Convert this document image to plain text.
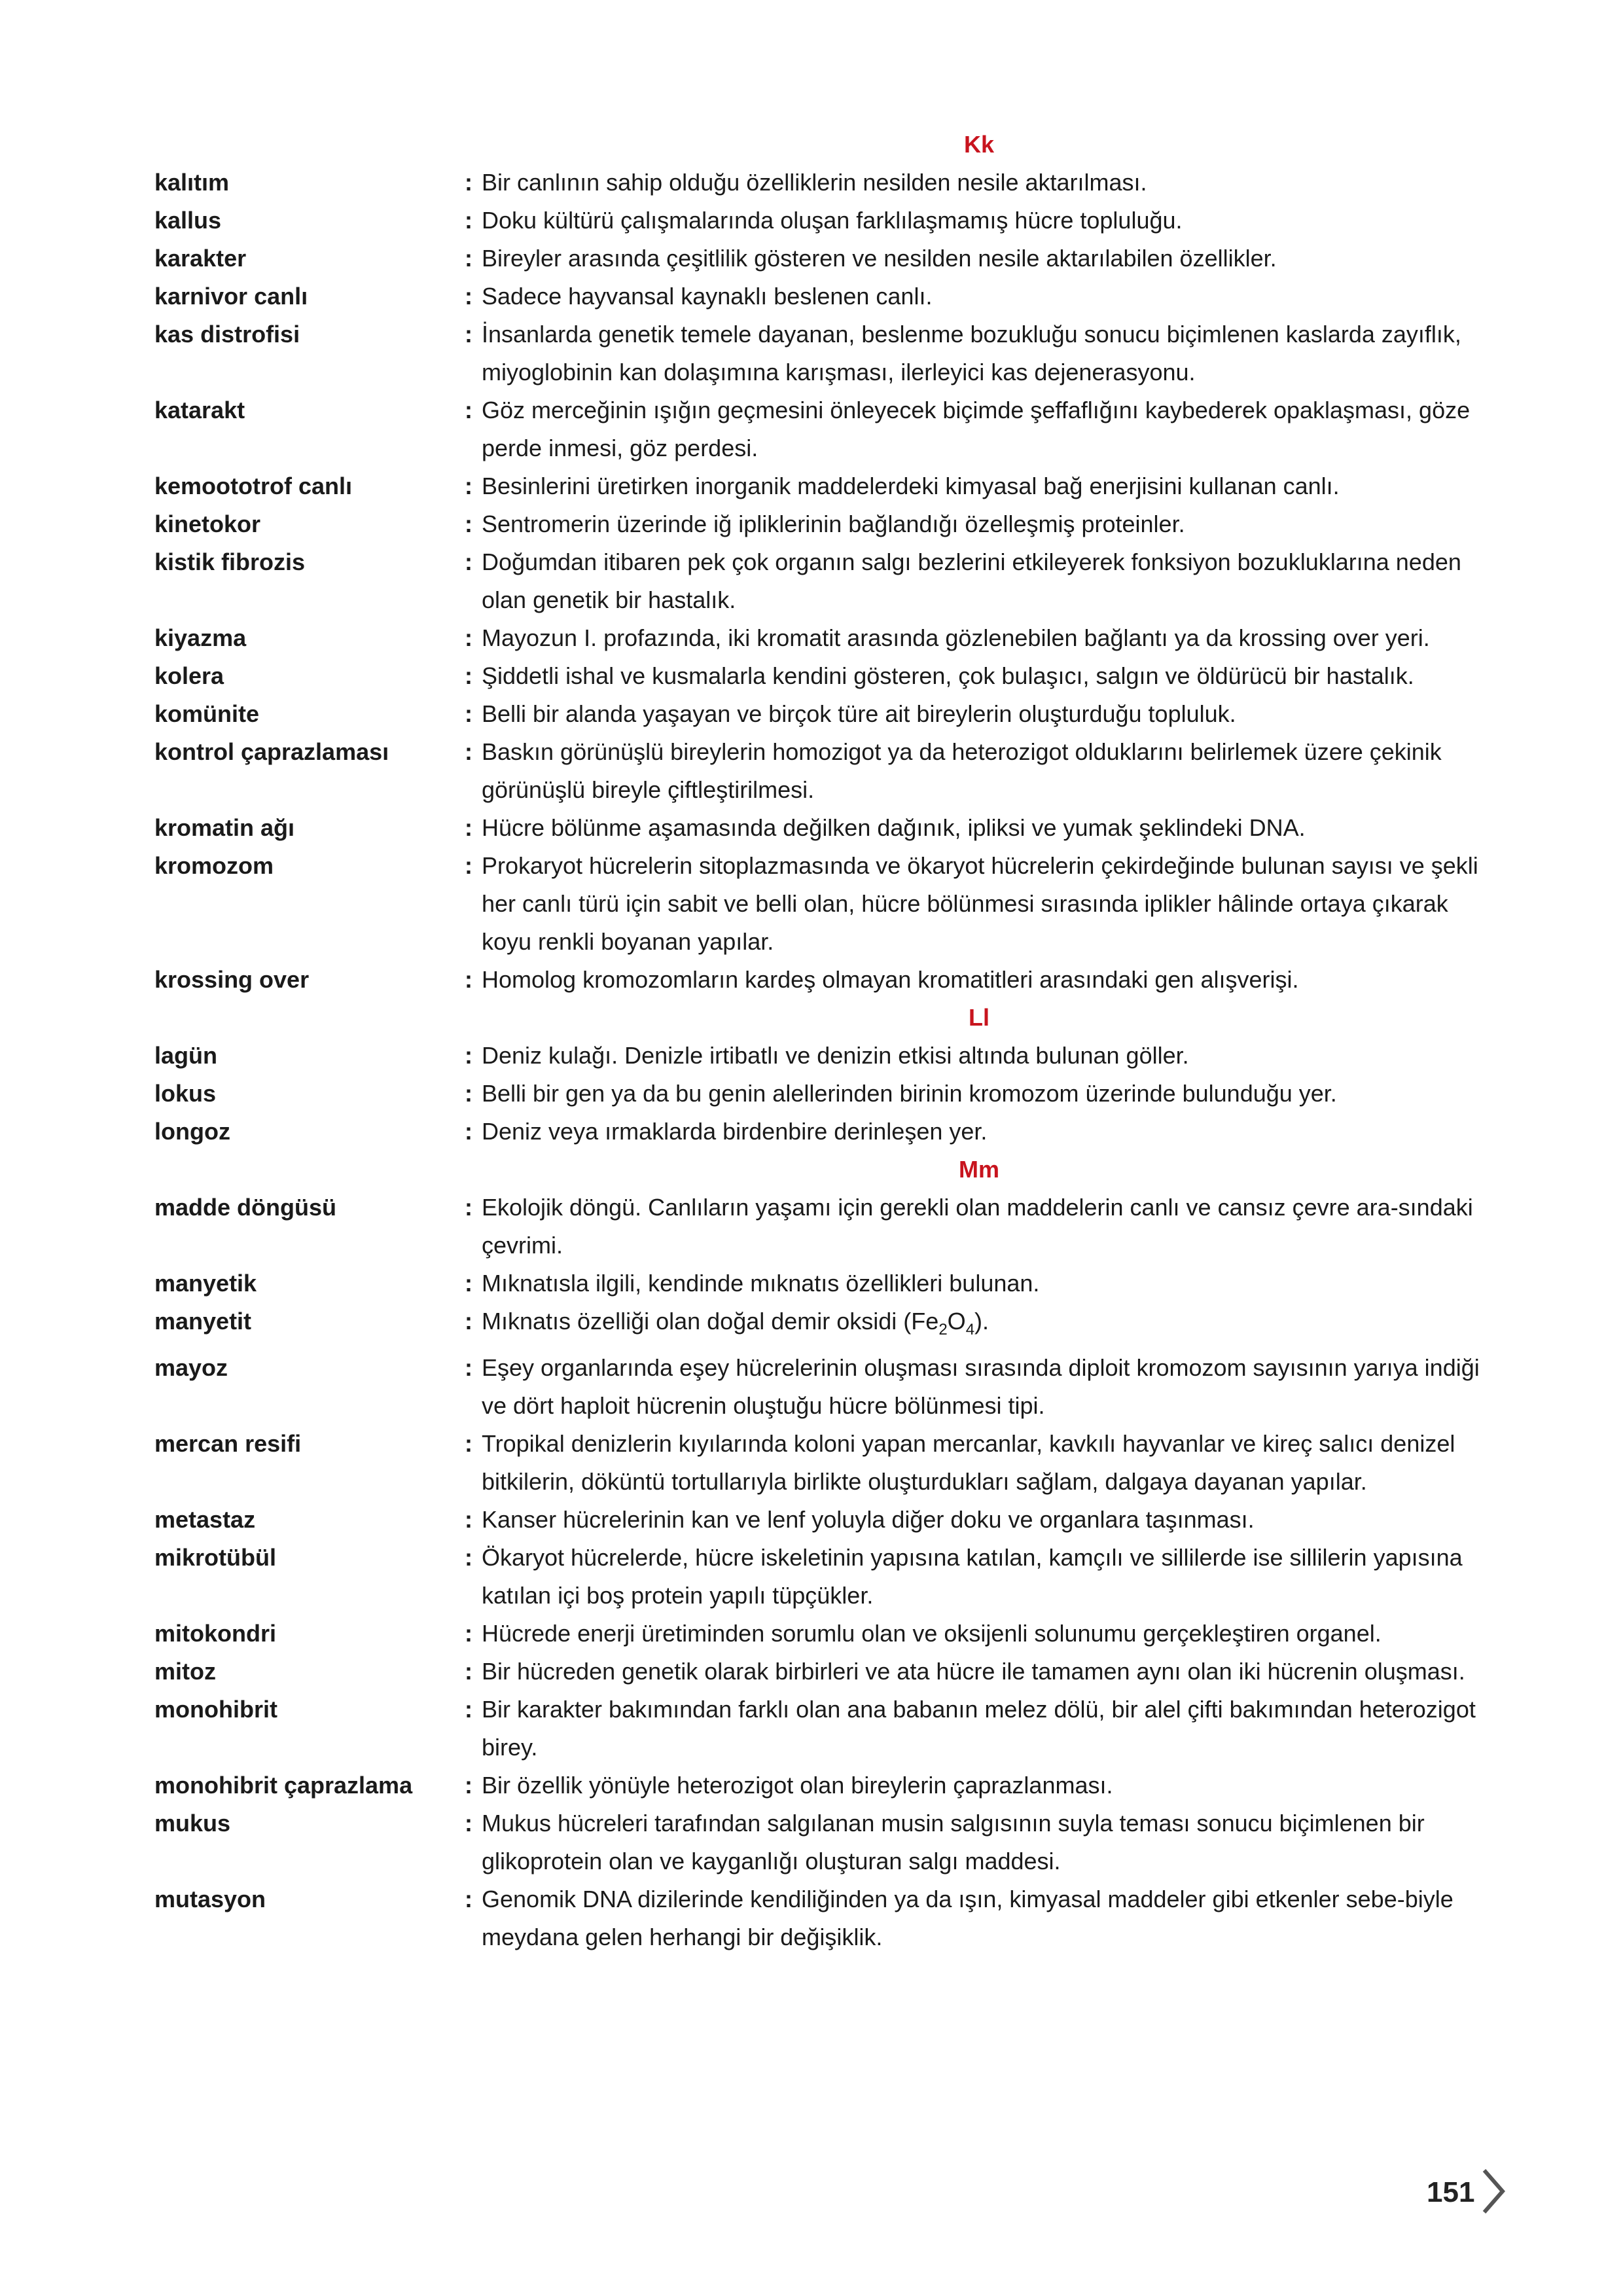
Kk
kalıtım	: Bir canlının sahip olduğu özelliklerin nesilden nesile aktarılması.
kallus	: Doku kültürü çalışmalarında oluşan farklılaşmamış hücre topluluğu.
karakter	: Bireyler arasında çeşitlilik gösteren ve nesilden nesile aktarılabilen özellikler.
karnivor canlı	: Sadece hayvansal kaynaklı beslenen canlı.
kas distrofisi	: İnsanlarda genetik temele dayanan, beslenme bozukluğu sonucu biçimlenen kaslarda zayıflık, miyoglobinin kan dolaşımına karışması, ilerleyici kas dejenerasyonu.
katarakt	: Göz merceğinin ışığın geçmesini önleyecek biçimde şeffaflığını kaybederek opaklaşması, göze perde inmesi, göz perdesi.
kemoototrof canlı	: Besinlerini üretirken inorganik maddelerdeki kimyasal bağ enerjisini kullanan canlı.
kinetokor	: Sentromerin üzerinde iğ ipliklerinin bağlandığı özelleşmiş proteinler.
kistik fibrozis	: Doğumdan itibaren pek çok organın salgı bezlerini etkileyerek fonksiyon bozukluklarına neden olan genetik bir hastalık.
kiyazma	: Mayozun I. profazında, iki kromatit arasında gözlenebilen bağlantı ya da krossing over yeri.
kolera	: Şiddetli ishal ve kusmalarla kendini gösteren, çok bulaşıcı, salgın ve öldürücü bir hastalık.
komünite	: Belli bir alanda yaşayan ve birçok türe ait bireylerin oluşturduğu topluluk.
kontrol çaprazlaması	: Baskın görünüşlü bireylerin homozigot ya da heterozigot olduklarını belirlemek üzere çekinik görünüşlü bireyle çiftleştirilmesi.
kromatin ağı	: Hücre bölünme aşamasında değilken dağınık, ipliksi ve yumak şeklindeki DNA.
kromozom	: Prokaryot hücrelerin sitoplazmasında ve ökaryot hücrelerin çekirdeğinde bulunan sayısı ve şekli her canlı türü için sabit ve belli olan, hücre bölünmesi sırasında iplikler hâlinde ortaya çıkarak koyu renkli boyanan yapılar.
krossing over	: Homolog kromozomların kardeş olmayan kromatitleri arasındaki gen alışverişi.
Ll
lagün	: Deniz kulağı. Denizle irtibatlı ve denizin etkisi altında bulunan göller.
lokus	: Belli bir gen ya da bu genin alellerinden birinin kromozom üzerinde bulunduğu yer.
longoz	: Deniz veya ırmaklarda birdenbire derinleşen yer.
Mm
madde döngüsü	: Ekolojik döngü. Canlıların yaşamı için gerekli olan maddelerin canlı ve cansız çevre ara-sındaki çevrimi.
manyetik	: Mıknatısla ilgili, kendinde mıknatıs özellikleri bulunan.
manyetit	: Mıknatıs özelliği olan doğal demir oksidi $(Fe_2O_4)$.
mayoz	: Eşey organlarında eşey hücrelerinin oluşması sırasında diploit kromozom sayısının yarıya indiği ve dört haploit hücrenin oluştuğu hücre bölünmesi tipi.
mercan resifi	: Tropikal denizlerin kıyılarında koloni yapan mercanlar, kavkılı hayvanlar ve kireç salıcı denizel bitkilerin, döküntü tortullarıyla birlikte oluşturdukları sağlam, dalgaya dayanan yapılar.
metastaz	: Kanser hücrelerinin kan ve lenf yoluyla diğer doku ve organlara taşınması.
mikrotübül	: Ökaryot hücrelerde, hücre iskeletinin yapısına katılan, kamçılı ve sillilerde ise sillilerin yapısına katılan içi boş protein yapılı tüpçükler.
mitokondri	: Hücrede enerji üretiminden sorumlu olan ve oksijenli solunumu gerçekleştiren organel.
mitoz	: Bir hücreden genetik olarak birbirleri ve ata hücre ile tamamen aynı olan iki hücrenin oluşması.
monohibrit	: Bir karakter bakımından farklı olan ana babanın melez dölü, bir alel çifti bakımından heterozigot birey.
monohibrit çaprazlama	: Bir özellik yönüyle heterozigot olan bireylerin çaprazlanması.
mukus	: Mukus hücreleri tarafından salgılanan musin salgısının suyla teması sonucu biçimlenen bir glikoprotein olan ve kayganlığı oluşturan salgı maddesi.
mutasyon	: Genomik DNA dizilerinde kendiliğinden ya da ışın, kimyasal maddeler gibi etkenler sebe-biyle meydana gelen herhangi bir değişiklik.
151
